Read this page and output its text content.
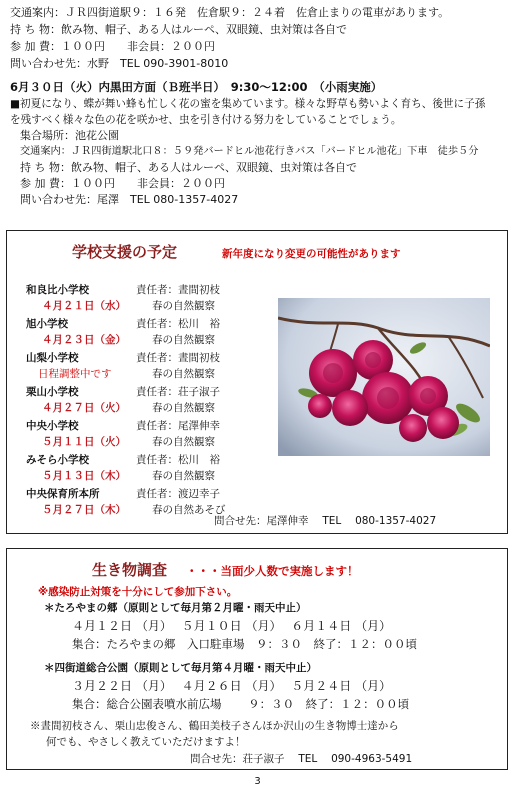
交通案内：ＪＲ四街道駅９：１６発　佐倉駅９：２４着　佐倉止まりの電車があります。
持 ち 物：飲み物、帽子、ある人はルーペ、双眼鏡、虫対策は各自で
参 加 費：１００円　　非会員：２００円
問い合わせ先：水野　TEL 090-3901-8010
6月３０日（火）内黒田方面（Ｂ班半日）　9:30～12:00　（小雨実施）
■初夏になり、蝶が舞い蜂も忙しく花の蜜を集めています。様々な野草も勢いよく育ち、後世に子孫
を残すべく様々な色の花を咲かせ、虫を引き付ける努力をしていることでしょう。
集合場所：池花公園
交通案内：ＪＲ四街道駅北口８：５９発バードヒル池花行きバス「バードヒル池花」下車　徒歩５分
持 ち 物：飲み物、帽子、ある人はルーペ、双眼鏡、虫対策は各自で
参 加 費：１００円　　非会員：２００円
問い合わせ先：尾澤　TEL 080-1357-4027
学校支援の予定	新年度になり変更の可能性があります
和良比小学校	責任者：晝間初枝
４月２１日（水） 春の自然観察
旭小学校	責任者：松川　裕
４月２３日（金） 春の自然観察
山梨小学校	責任者：晝間初枝
日程調整中です	春の自然観察
栗山小学校	責任者：荘子淑子
４月２７日（火） 春の自然観察
中央小学校	責任者：尾澤伸幸
５月１１日（火） 春の自然観察
みそら小学校	責任者：松川　裕
５月１３日（木） 春の自然観察
中央保育所本所	責任者：渡辺幸子
５月２７日（木） 春の自然あそび
問合せ先：尾澤伸幸　 TEL　 080-1357-4027
生き物調査 ・・・当面少人数で実施します！
※感染防止対策を十分にして参加下さい。
＊たろやまの郷（原則として毎月第２月曜・雨天中止）
４月１２日 （月）　 ５月１０日 （月）　 ６月１４日 （月）
集合：たろやまの郷　入口駐車場　９：３０　終了：１２：００頃
＊四街道総合公園（原則として毎月第４月曜・雨天中止）
３月２２日 （月）　 ４月２６日 （月）　 ５月２４日 （月）
集合：総合公園表噴水前広場　　 ９：３０　終了：１２：００頃
※晝間初枝さん、栗山忠俊さん、鶴田美枝子さんほか沢山の生き物博士達から
何でも、やさしく教えていただけますよ！
問合せ先：荘子淑子　 TEL　 090-4963-5491
3
